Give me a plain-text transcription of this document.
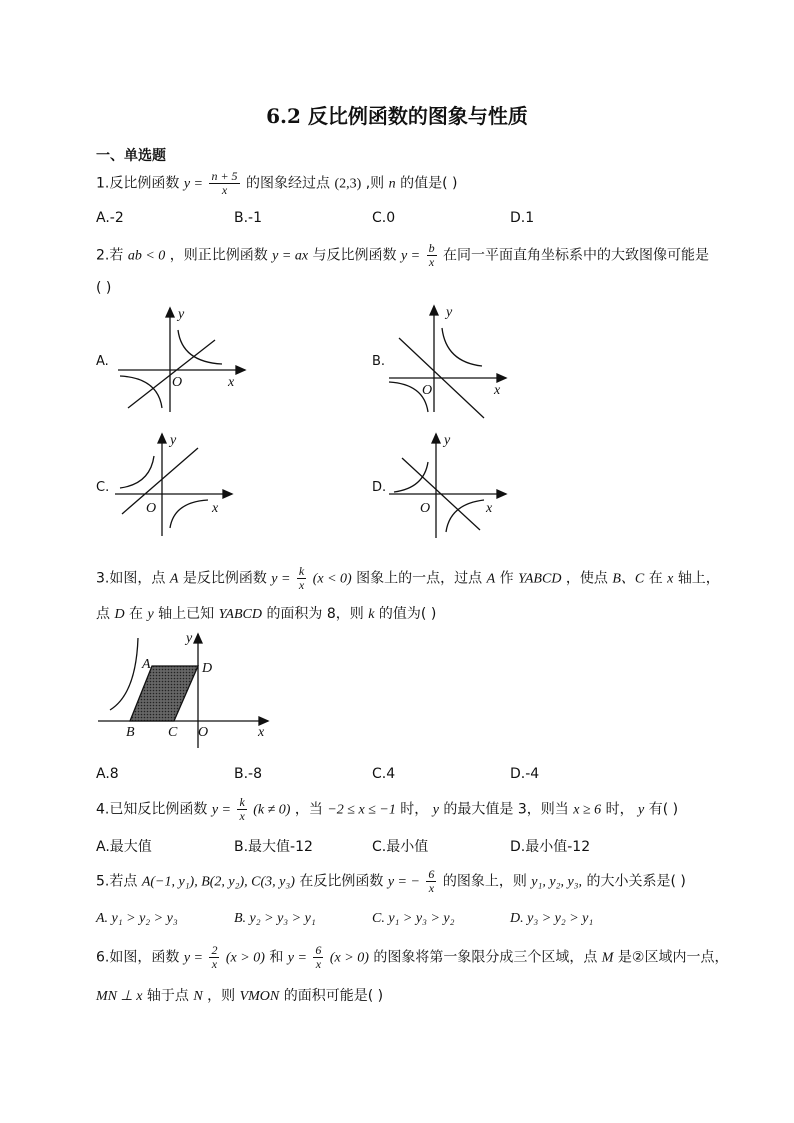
6.2 反比例函数的图象与性质
一、单选题
1.反比例函数 $y = \frac{n + 5}{x}$ 的图象经过点 (2,3) ,则 n 的值是( )
A.-2	B.-1	C.0	D.1
2.若 ab < 0 ，则正比例函数 y = ax 与反比例函数 $y = \frac{b}{x}$ 在同一平面直角坐标系中的大致图像可能是
( )
A.	B.
C.	D.
y
x
O
y
x
O
y
x
O
y
x
O
3.如图，点 A 是反比例函数 $y = \frac{k}{x} (x < 0)$ 图象上的一点，过点 A 作 YABCD ，使点 B、C 在 x 轴上，
点 D 在 y 轴上已知 YABCD 的面积为 8，则 k 的值为( )
A	D
B C O	x
y
A.8	B.-8	C.4	D.-4
4.已知反比例函数 $y = \frac{k}{x} (k \ne 0)$ ，当 −2 ≤ x ≤ −1 时， y 的最大值是 3，则当 x ≥ 6 时， y 有( )
A.最大值	B.最大值-12	C.最小值	D.最小值-12
5.若点 A(−1, y₁), B(2, y₂), C(3, y₃) 在反比例函数 y = − $\frac{6}{x}$ 的图象上，则 y₁, y₂, y₃, 的大小关系是( )
A. y₁ > y₂ > y₃	B. y₂ > y₃ > y₁	C. y₁ > y₃ > y₂	D. y₃ > y₂ > y₁
6.如图，函数 $y = \frac{2}{x} (x > 0)$ 和 $y = \frac{6}{x} (x > 0)$ 的图象将第一象限分成三个区域，点 M 是②区域内一点，
MN ⊥ x 轴于点 N ，则 VMON 的面积可能是( )
